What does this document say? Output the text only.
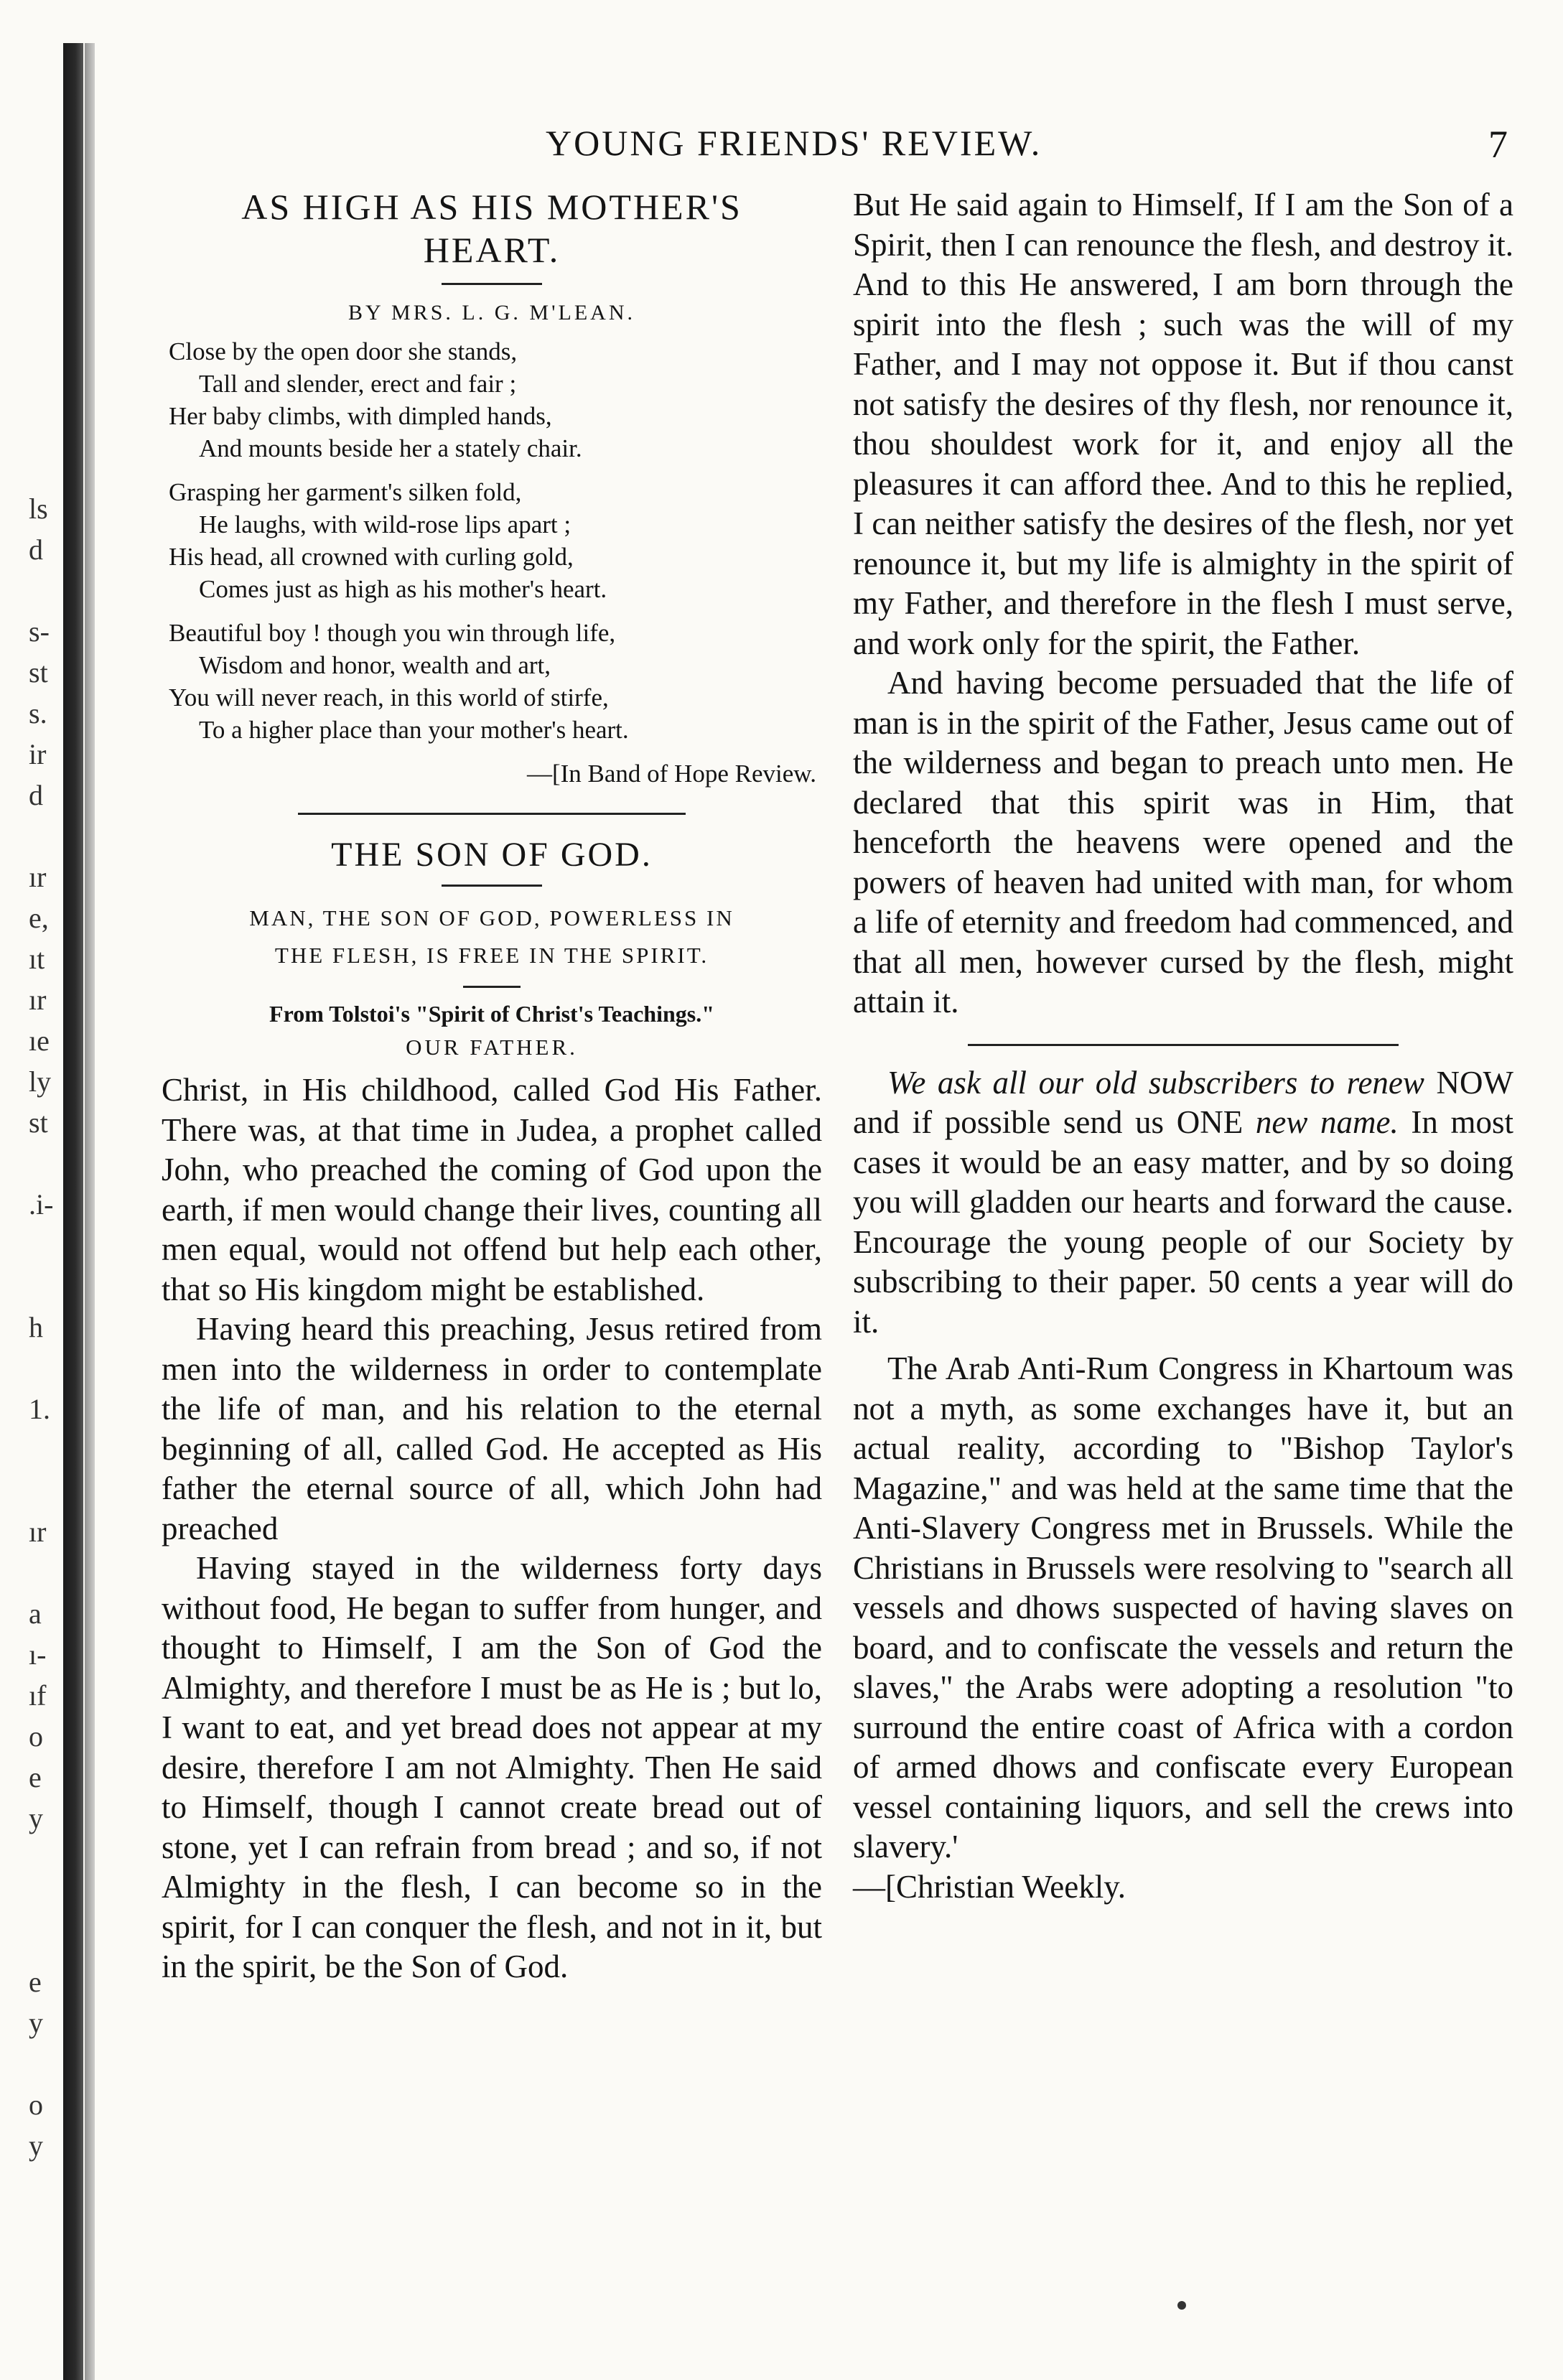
ls
d
s-
st
s.
ir
d
ır
e,
ıt
ır
ıe
ly
st
.i-
h
1.
ır
a
ı-
ıf
o
e
y
e
y
o
y
YOUNG FRIENDS' REVIEW.	7
AS HIGH AS HIS MOTHER'S
HEART.
BY MRS. L. G. M'LEAN.
Close by the open door she stands,
Tall and slender, erect and fair ;
Her baby climbs, with dimpled hands,
And mounts beside her a stately chair.
Grasping her garment's silken fold,
He laughs, with wild-rose lips apart ;
His head, all crowned with curling gold,
Comes just as high as his mother's heart.
Beautiful boy ! though you win through life,
Wisdom and honor, wealth and art,
You will never reach, in this world of stirfe,
To a higher place than your mother's heart.
—[In Band of Hope Review.
THE SON OF GOD.
MAN, THE SON OF GOD, POWERLESS IN
THE FLESH, IS FREE IN THE SPIRIT.
From Tolstoi's "Spirit of Christ's Teachings."
OUR FATHER.

Christ, in His childhood, called God His Father. There was, at that time in Judea, a prophet called John, who preached the coming of God upon the earth, if men would change their lives, counting all men equal, would not offend but help each other, that so His kingdom might be established.

Having heard this preaching, Jesus retired from men into the wilderness in order to contemplate the life of man, and his relation to the eternal beginning of all, called God. He accepted as His father the eternal source of all, which John had preached

Having stayed in the wilderness forty days without food, He began to suffer from hunger, and thought to Himself, I am the Son of God the Almighty, and therefore I must be as He is ; but lo, I want to eat, and yet bread does not appear at my desire, therefore I am not Almighty. Then He said to Himself, though I cannot create bread out of stone, yet I can refrain from bread ; and so, if not Almighty in the flesh, I can become so in the spirit, for I can conquer the flesh, and not in it, but in the spirit, be the Son of God.

But He said again to Himself, If I am the Son of a Spirit, then I can renounce the flesh, and destroy it. And to this He answered, I am born through the spirit into the flesh ; such was the will of my Father, and I may not oppose it. But if thou canst not satisfy the desires of thy flesh, nor renounce it, thou shouldest work for it, and enjoy all the pleasures it can afford thee. And to this he replied, I can neither satisfy the desires of the flesh, nor yet renounce it, but my life is almighty in the spirit of my Father, and therefore in the flesh I must serve, and work only for the spirit, the Father.

And having become persuaded that the life of man is in the spirit of the Father, Jesus came out of the wilderness and began to preach unto men. He declared that this spirit was in Him, that henceforth the heavens were opened and the powers of heaven had united with man, for whom a life of eternity and freedom had commenced, and that all men, however cursed by the flesh, might attain it.

We ask all our old subscribers to renew NOW and if possible send us ONE new name. In most cases it would be an easy matter, and by so doing you will gladden our hearts and forward the cause. Encourage the young people of our Society by subscribing to their paper. 50 cents a year will do it.

The Arab Anti-Rum Congress in Khartoum was not a myth, as some exchanges have it, but an actual reality, according to "Bishop Taylor's Magazine," and was held at the same time that the Anti-Slavery Congress met in Brussels. While the Christians in Brussels were resolving to "search all vessels and dhows suspected of having slaves on board, and to confiscate the vessels and return the slaves," the Arabs were adopting a resolution "to surround the entire coast of Africa with a cordon of armed dhows and confiscate every European vessel containing liquors, and sell the crews into slavery.'

—[Christian Weekly.
